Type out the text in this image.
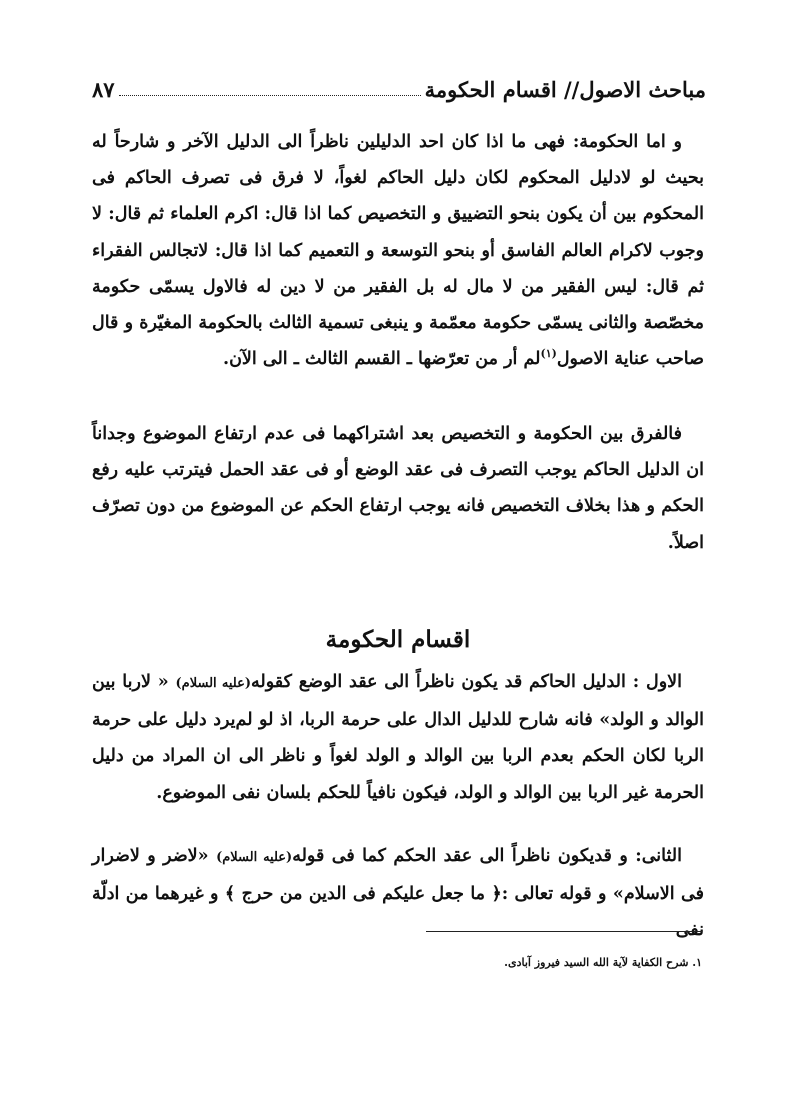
مباحث الاصول// اقسام الحكومة
٨٧

و اما الحكومة: فهى ما اذا كان احد الدليلين ناظراً الى الدليل الآخر و شارحاً له بحيث لو لادليل المحكوم لكان دليل الحاكم لغواً، لا فرق فى تصرف الحاكم فى المحكوم بين أن يكون بنحو التضييق و التخصيص كما اذا قال: اكرم العلماء ثم قال: لا وجوب لاكرام العالم الفاسق أو بنحو التوسعة و التعميم كما اذا قال: لاتجالس الفقراء ثم قال: ليس الفقير من لا مال له بل الفقير من لا دين له فالاول يسمّى حكومة مخصّصة والثانى يسمّى حكومة معمّمة و ينبغى تسمية الثالث بالحكومة المغيّرة و قال صاحب عناية الاصول$^{(١)}$لم أر من تعرّضها ـ القسم الثالث ـ الى الآن.

فالفرق بين الحكومة و التخصيص بعد اشتراكهما فى عدم ارتفاع الموضوع وجداناً ان الدليل الحاكم يوجب التصرف فى عقد الوضع أو فى عقد الحمل فيترتب عليه رفع الحكم و هذا بخلاف التخصيص فانه يوجب ارتفاع الحكم عن الموضوع من دون تصرّف اصلاً.

اقسام الحكومة

الاول : الدليل الحاكم قد يكون ناظراً الى عقد الوضع كقوله(عليه السلام) « لاربا بين الوالد و الولد» فانه شارح للدليل الدال على حرمة الربا، اذ لو لم‌يرد دليل على حرمة الربا لكان الحكم بعدم الربا بين الوالد و الولد لغواً و ناظر الى ان المراد من دليل الحرمة غير الربا بين الوالد و الولد، فيكون نافياً للحكم بلسان نفى الموضوع.

الثانى: و قديكون ناظراً الى عقد الحكم كما فى قوله(عليه السلام) «لاضر و لاضرار فى الاسلام» و قوله تعالى :﴿ ما جعل عليكم فى الدين من حرج ﴾ و غيرهما من ادلّة نفى

١. شرح الكفاية لآية الله السيد فيروز آبادى.
